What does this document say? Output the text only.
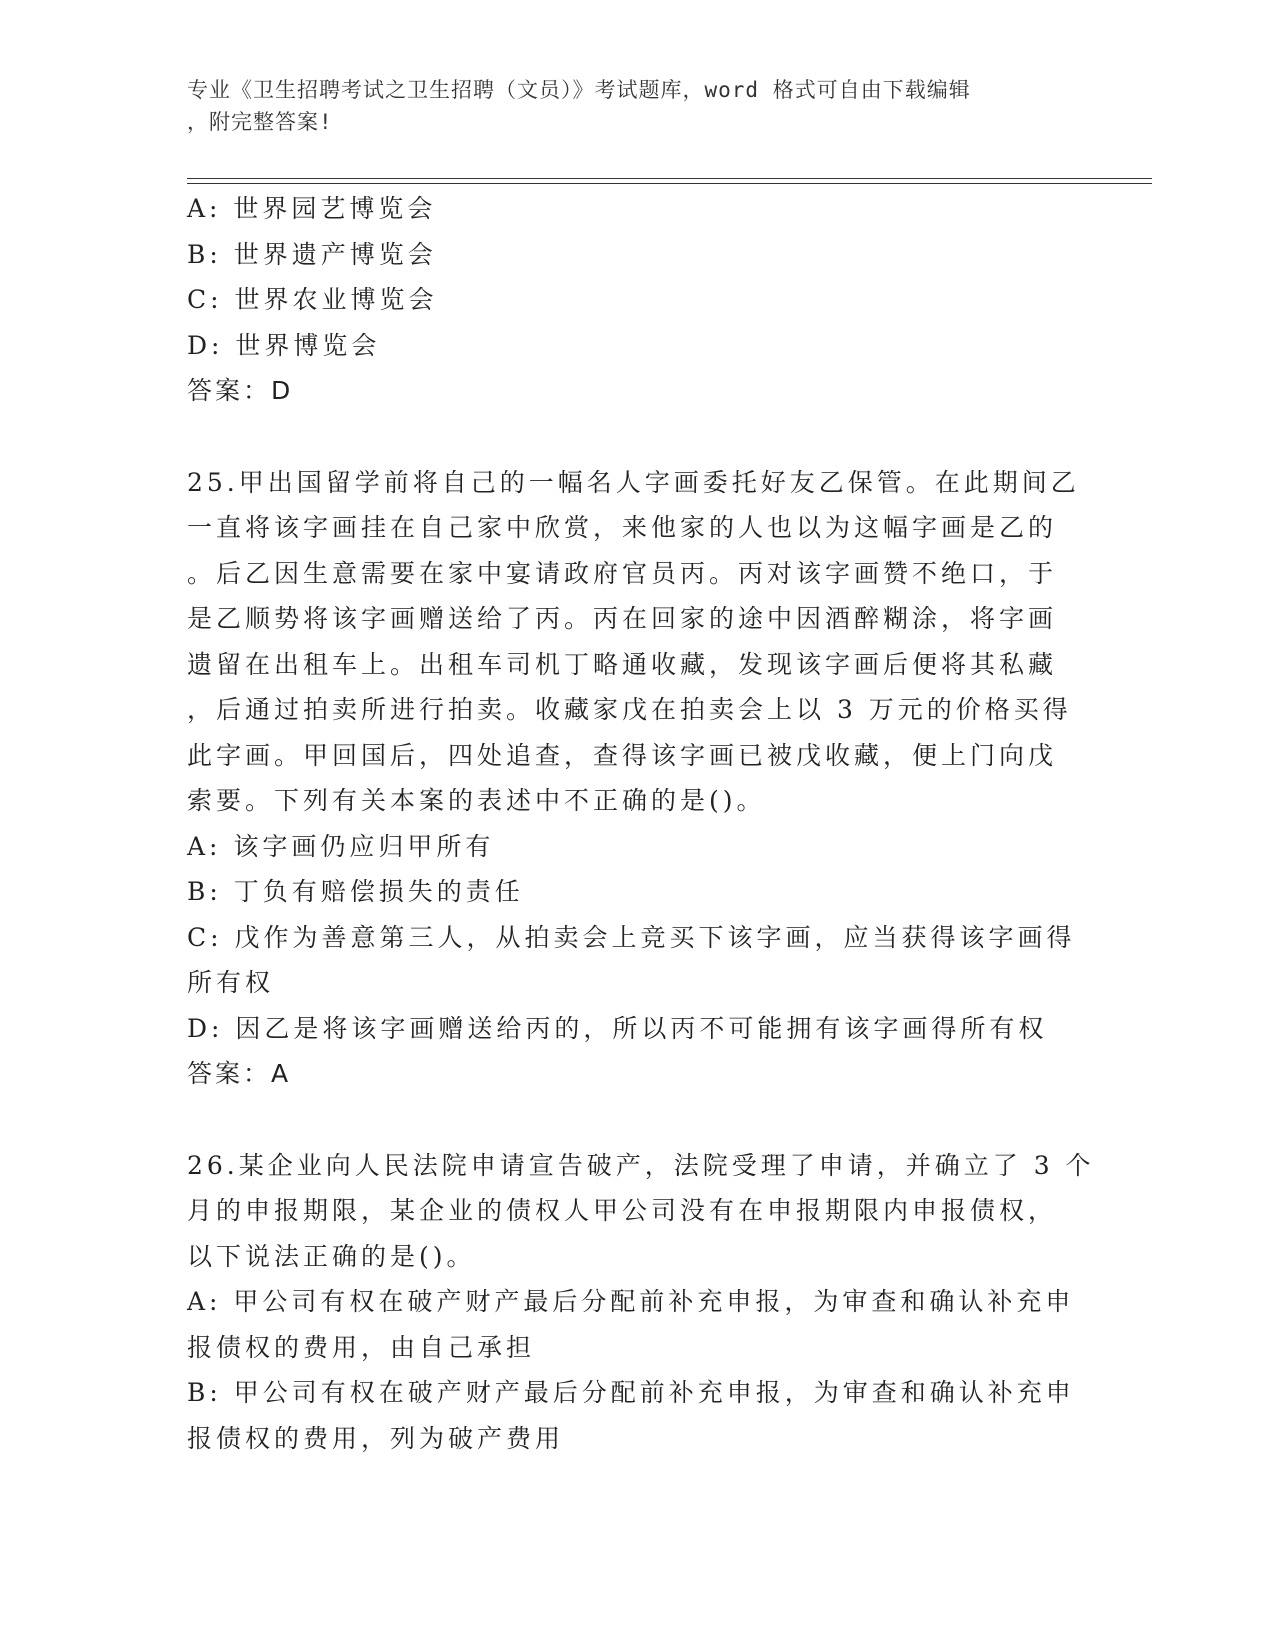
专业《卫生招聘考试之卫生招聘（文员）》考试题库，word 格式可自由下载编辑
，附完整答案!
A: 世界园艺博览会
B: 世界遗产博览会
C: 世界农业博览会
D: 世界博览会
答案：D
25.甲出国留学前将自己的一幅名人字画委托好友乙保管。在此期间乙
一直将该字画挂在自己家中欣赏，来他家的人也以为这幅字画是乙的
。后乙因生意需要在家中宴请政府官员丙。丙对该字画赞不绝口，于
是乙顺势将该字画赠送给了丙。丙在回家的途中因酒醉糊涂，将字画
遗留在出租车上。出租车司机丁略通收藏，发现该字画后便将其私藏
，后通过拍卖所进行拍卖。收藏家戊在拍卖会上以 3 万元的价格买得
此字画。甲回国后，四处追查，查得该字画已被戊收藏，便上门向戊
索要。下列有关本案的表述中不正确的是()。
A: 该字画仍应归甲所有
B: 丁负有赔偿损失的责任
C: 戊作为善意第三人，从拍卖会上竞买下该字画，应当获得该字画得
所有权
D: 因乙是将该字画赠送给丙的，所以丙不可能拥有该字画得所有权
答案：A
26.某企业向人民法院申请宣告破产，法院受理了申请，并确立了 3 个
月的申报期限，某企业的债权人甲公司没有在申报期限内申报债权，
以下说法正确的是()。
A: 甲公司有权在破产财产最后分配前补充申报，为审查和确认补充申
报债权的费用，由自己承担
B: 甲公司有权在破产财产最后分配前补充申报，为审查和确认补充申
报债权的费用，列为破产费用
